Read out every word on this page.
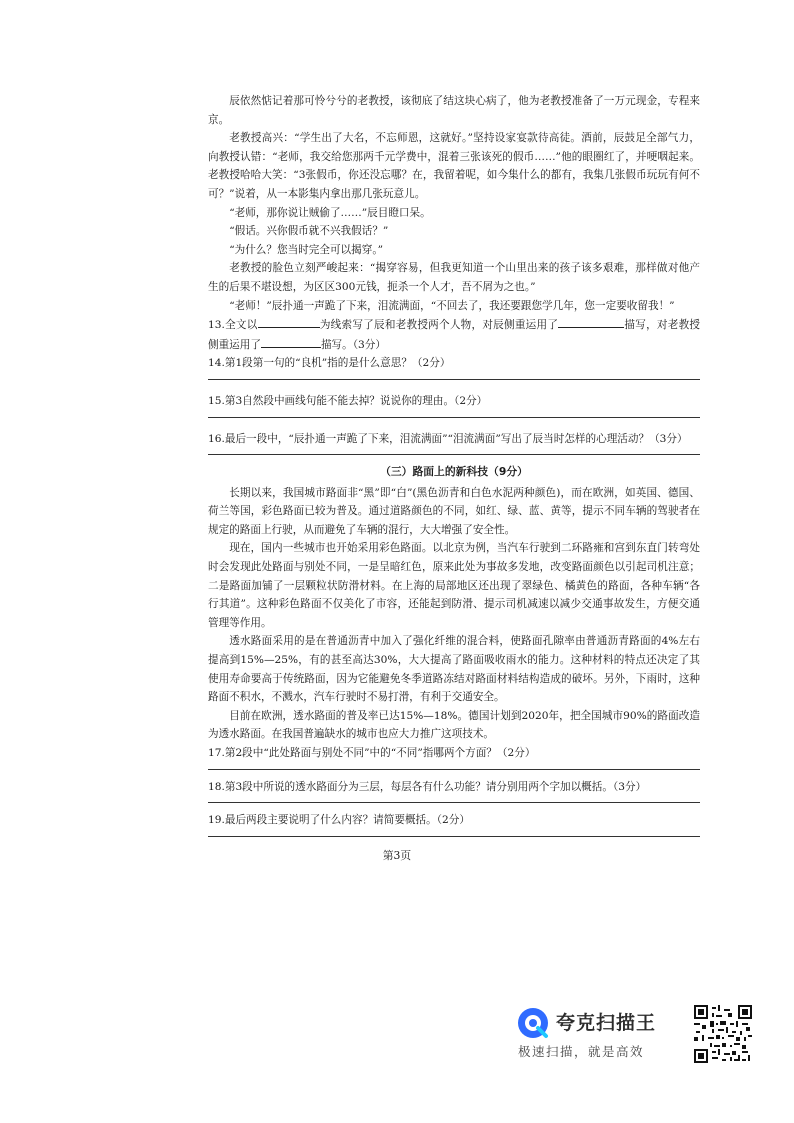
辰依然惦记着那可怜兮兮的老教授，该彻底了结这块心病了，他为老教授准备了一万元现金，专程来京。

老教授高兴：“学生出了大名，不忘师恩，这就好。”坚持设家宴款待高徒。酒前，辰鼓足全部气力，向教授认错：“老师，我交给您那两千元学费中，混着三张该死的假币……”他的眼圈红了，并哽咽起来。老教授哈哈大笑：“3张假币，你还没忘哪？在，我留着呢，如今集什么的都有，我集几张假币玩玩有何不可？”说着，从一本影集内拿出那几张玩意儿。

“老师，那你说让贼偷了……”辰目瞪口呆。

“假话。兴你假币就不兴我假话？”

“为什么？您当时完全可以揭穿。”

老教授的脸色立刻严峻起来：“揭穿容易，但我更知道一个山里出来的孩子该多艰难，那样做对他产生的后果不堪设想，为区区300元钱，扼杀一个人才，吾不屑为之也。”

“老师！”辰扑通一声跪了下来，泪流满面，“不回去了，我还要跟您学几年，您一定要收留我！”

13.全文以	为线索写了辰和老教授两个人物，对辰侧重运用了	描写，对老教授侧重运用了	描写。（3分）

14.第1段第一句的“良机”指的是什么意思？（2分）

15.第3自然段中画线句能不能去掉？说说你的理由。（2分）

16.最后一段中，“辰扑通一声跪了下来，泪流满面”“泪流满面”写出了辰当时怎样的心理活动？（3分）

（三）路面上的新科技（9分）

长期以来，我国城市路面非“黑”即“白”(黑色沥青和白色水泥两种颜色)，而在欧洲，如英国、德国、荷兰等国，彩色路面已较为普及。通过道路颜色的不同，如红、绿、蓝、黄等，提示不同车辆的驾驶者在规定的路面上行驶，从而避免了车辆的混行，大大增强了安全性。

现在，国内一些城市也开始采用彩色路面。以北京为例，当汽车行驶到二环路雍和宫到东直门转弯处时会发现此处路面与别处不同，一是呈暗红色，原来此处为事故多发地，改变路面颜色以引起司机注意；二是路面加铺了一层颗粒状防滑材料。在上海的局部地区还出现了翠绿色、橘黄色的路面，各种车辆“各行其道”。这种彩色路面不仅美化了市容，还能起到防滑、提示司机减速以减少交通事故发生，方便交通管理等作用。

透水路面采用的是在普通沥青中加入了强化纤维的混合料，使路面孔隙率由普通沥青路面的4%左右提高到15%—25%，有的甚至高达30%，大大提高了路面吸收雨水的能力。这种材料的特点还决定了其使用寿命要高于传统路面，因为它能避免冬季道路冻结对路面材料结构造成的破坏。另外，下雨时，这种路面不积水，不溅水，汽车行驶时不易打滑，有利于交通安全。

目前在欧洲，透水路面的普及率已达15%—18%。德国计划到2020年，把全国城市90%的路面改造为透水路面。在我国普遍缺水的城市也应大力推广这项技术。

17.第2段中“此处路面与别处不同”中的“不同”指哪两个方面？（2分）

18.第3段中所说的透水路面分为三层，每层各有什么功能？请分别用两个字加以概括。（3分）

19.最后两段主要说明了什么内容？请简要概括。（2分）

第3页
夸克扫描王
极速扫描，就是高效
